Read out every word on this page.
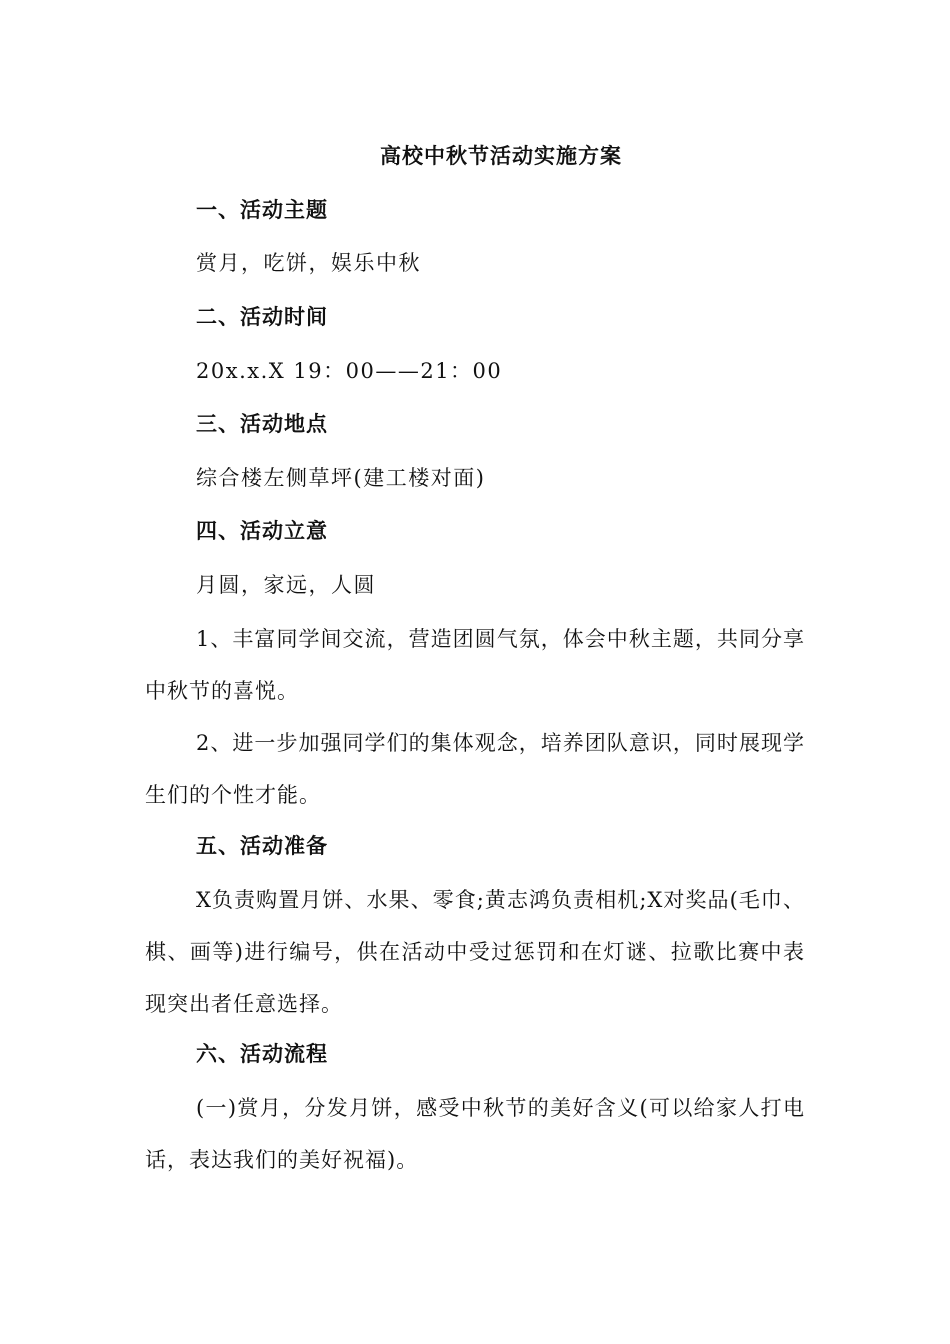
高校中秋节活动实施方案
一、活动主题
赏月，吃饼，娱乐中秋
二、活动时间
20x.x.X 19：00——21：00
三、活动地点
综合楼左侧草坪(建工楼对面)
四、活动立意
月圆，家远，人圆
1、丰富同学间交流，营造团圆气氛，体会中秋主题，共同分享中秋节的喜悦。
2、进一步加强同学们的集体观念，培养团队意识，同时展现学生们的个性才能。
五、活动准备
X负责购置月饼、水果、零食;黄志鸿负责相机;X对奖品(毛巾、棋、画等)进行编号，供在活动中受过惩罚和在灯谜、拉歌比赛中表现突出者任意选择。
六、活动流程
(一)赏月，分发月饼，感受中秋节的美好含义(可以给家人打电话，表达我们的美好祝福)。
